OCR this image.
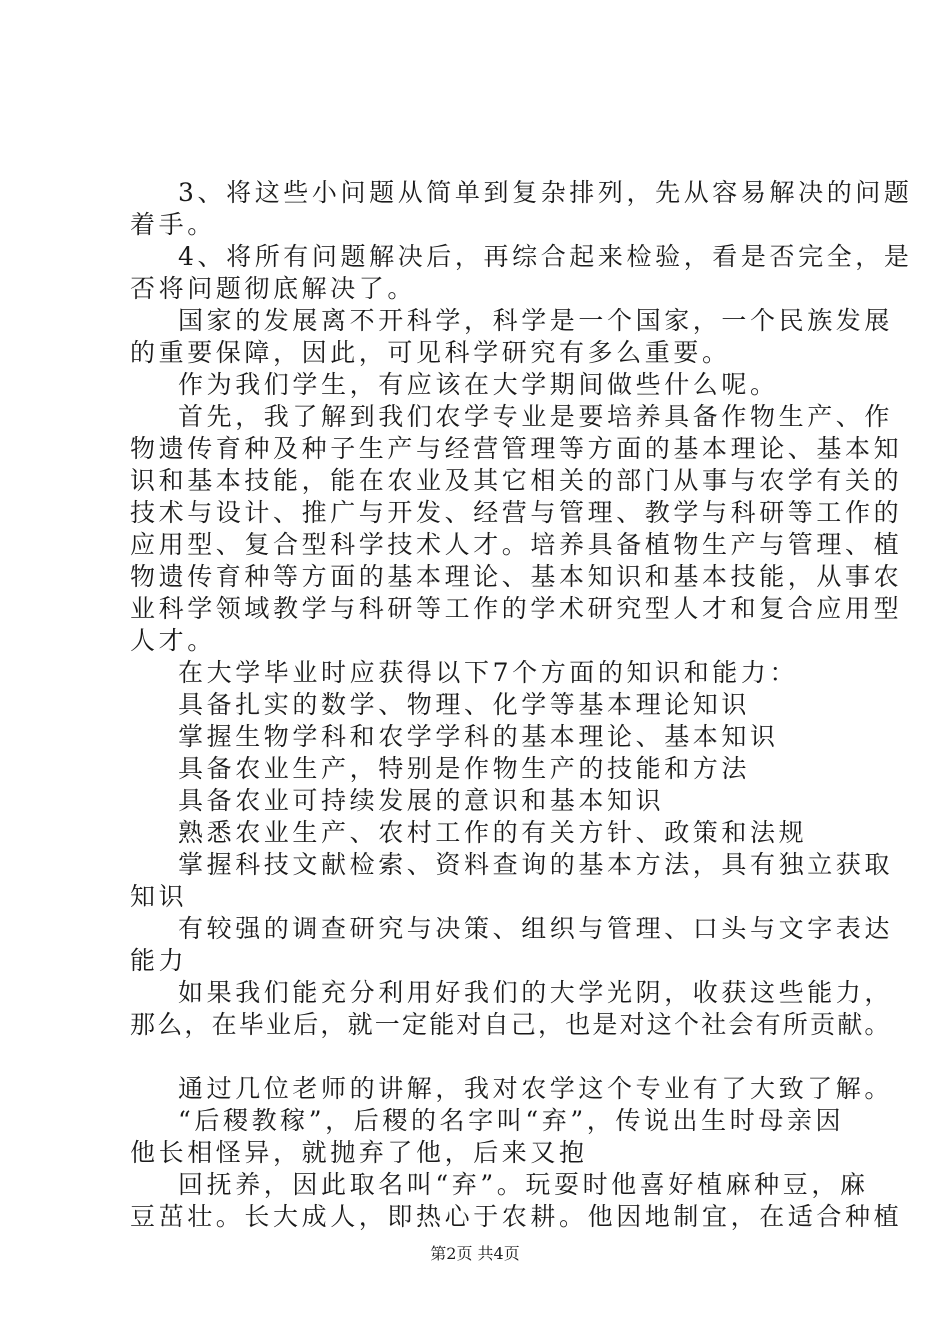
3、将这些小问题从简单到复杂排列，先从容易解决的问题
着手。
4、将所有问题解决后，再综合起来检验，看是否完全，是
否将问题彻底解决了。
国家的发展离不开科学，科学是一个国家，一个民族发展
的重要保障，因此，可见科学研究有多么重要。
作为我们学生，有应该在大学期间做些什么呢。
首先，我了解到我们农学专业是要培养具备作物生产、作
物遗传育种及种子生产与经营管理等方面的基本理论、基本知
识和基本技能，能在农业及其它相关的部门从事与农学有关的
技术与设计、推广与开发、经营与管理、教学与科研等工作的
应用型、复合型科学技术人才。培养具备植物生产与管理、植
物遗传育种等方面的基本理论、基本知识和基本技能，从事农
业科学领域教学与科研等工作的学术研究型人才和复合应用型
人才。
在大学毕业时应获得以下7个方面的知识和能力：
具备扎实的数学、物理、化学等基本理论知识
掌握生物学科和农学学科的基本理论、基本知识
具备农业生产，特别是作物生产的技能和方法
具备农业可持续发展的意识和基本知识
熟悉农业生产、农村工作的有关方针、政策和法规
掌握科技文献检索、资料查询的基本方法，具有独立获取
知识
有较强的调查研究与决策、组织与管理、口头与文字表达
能力
如果我们能充分利用好我们的大学光阴，收获这些能力，
那么，在毕业后，就一定能对自己，也是对这个社会有所贡献。
通过几位老师的讲解，我对农学这个专业有了大致了解。
“后稷教稼”，后稷的名字叫“弃”，传说出生时母亲因
他长相怪异，就抛弃了他，后来又抱
回抚养，因此取名叫“弃”。玩耍时他喜好植麻种豆，麻
豆茁壮。长大成人，即热心于农耕。他因地制宜，在适合种植
第2页 共4页
